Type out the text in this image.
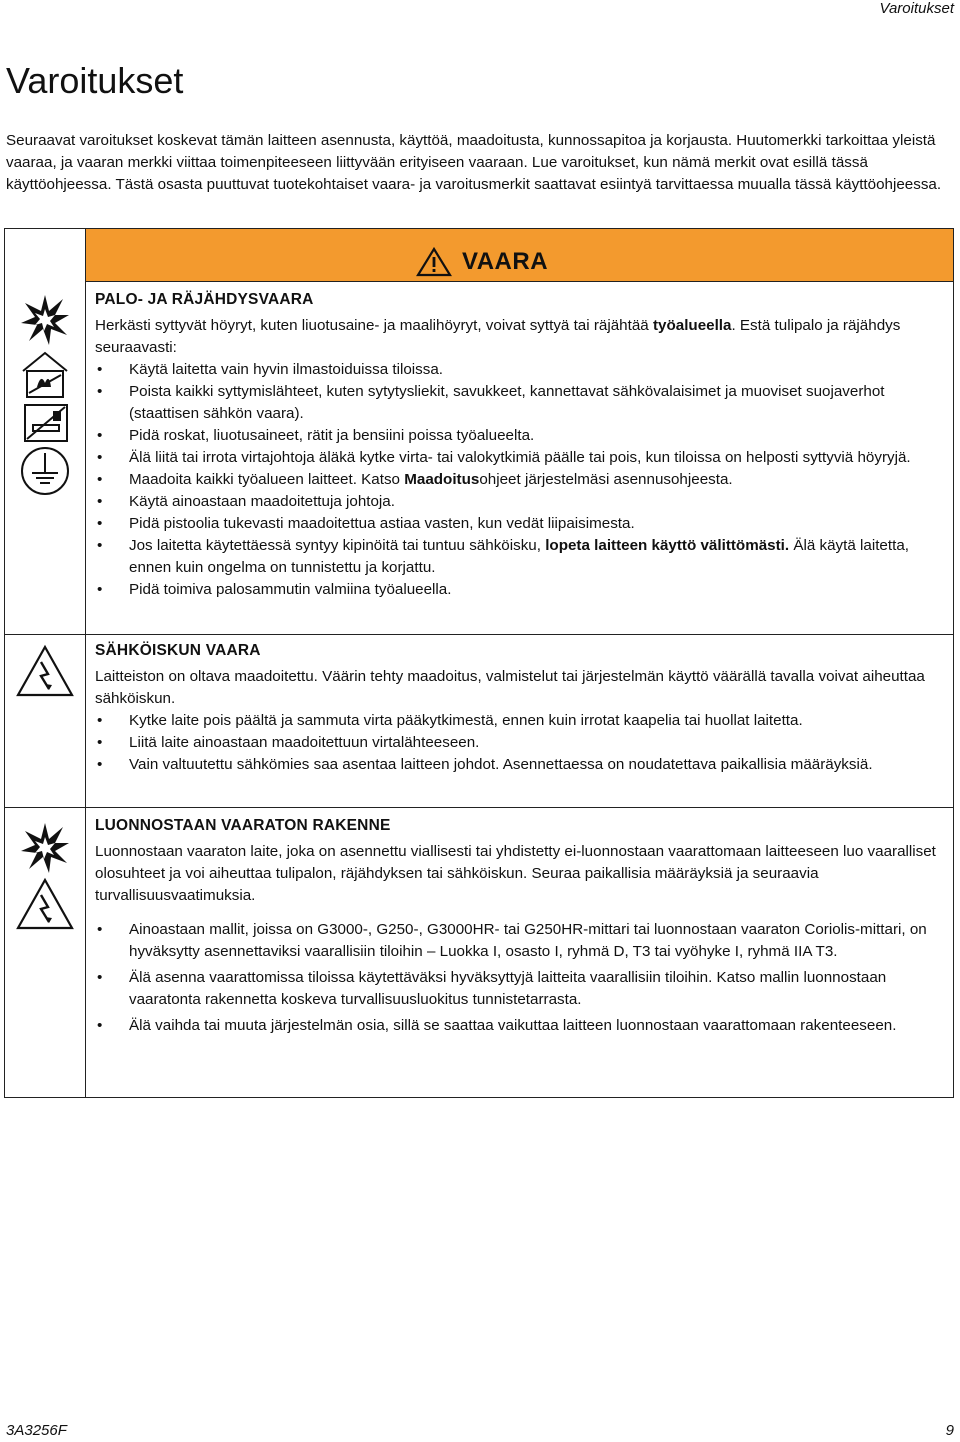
Varoitukset
Varoitukset

Seuraavat varoitukset koskevat tämän laitteen asennusta, käyttöä, maadoitusta, kunnossapitoa ja korjausta. Huutomerkki tarkoittaa yleistä vaaraa, ja vaaran merkki viittaa toimenpiteeseen liittyvään erityiseen vaaraan. Lue varoitukset, kun nämä merkit ovat esillä tässä käyttöohjeessa. Tästä osasta puuttuvat tuotekohtaiset vaara- ja varoitusmerkit saattavat esiintyä tarvittaessa muualla tässä käyttöohjeessa.

VAARA
PALO- JA RÄJÄHDYSVAARA

Herkästi syttyvät höyryt, kuten liuotusaine- ja maalihöyryt, voivat syttyä tai räjähtää työalueella. Estä tulipalo ja räjähdys seuraavasti:

• Käytä laitetta vain hyvin ilmastoiduissa tiloissa.
• Poista kaikki syttymislähteet, kuten sytytysliekit, savukkeet, kannettavat sähkövalaisimet ja muoviset suojaverhot (staattisen sähkön vaara).
• Pidä roskat, liuotusaineet, rätit ja bensiini poissa työalueelta.
• Älä liitä tai irrota virtajohtoja äläkä kytke virta- tai valokytkimiä päälle tai pois, kun tiloissa on helposti syttyviä höyryjä.
• Maadoita kaikki työalueen laitteet. Katso Maadoitusohjeet järjestelmäsi asennusohjeesta.
• Käytä ainoastaan maadoitettuja johtoja.
• Pidä pistoolia tukevasti maadoitettua astiaa vasten, kun vedät liipaisimesta.
• Jos laitetta käytettäessä syntyy kipinöitä tai tuntuu sähköisku, lopeta laitteen käyttö välittömästi. Älä käytä laitetta, ennen kuin ongelma on tunnistettu ja korjattu.
• Pidä toimiva palosammutin valmiina työalueella.
SÄHKÖISKUN VAARA

Laitteiston on oltava maadoitettu. Väärin tehty maadoitus, valmistelut tai järjestelmän käyttö väärällä tavalla voivat aiheuttaa sähköiskun.

• Kytke laite pois päältä ja sammuta virta pääkytkimestä, ennen kuin irrotat kaapelia tai huollat laitetta.
• Liitä laite ainoastaan maadoitettuun virtalähteeseen.
• Vain valtuutettu sähkömies saa asentaa laitteen johdot. Asennettaessa on noudatettava paikallisia määräyksiä.
LUONNOSTAAN VAARATON RAKENNE

Luonnostaan vaaraton laite, joka on asennettu viallisesti tai yhdistetty ei-luonnostaan vaarattomaan laitteeseen luo vaaralliset olosuhteet ja voi aiheuttaa tulipalon, räjähdyksen tai sähköiskun. Seuraa paikallisia määräyksiä ja seuraavia turvallisuusvaatimuksia.

• Ainoastaan mallit, joissa on G3000-, G250-, G3000HR- tai G250HR-mittari tai luonnostaan vaaraton Coriolis-mittari, on hyväksytty asennettaviksi vaarallisiin tiloihin – Luokka I, osasto I, ryhmä D, T3 tai vyöhyke I, ryhmä IIA T3.
• Älä asenna vaarattomissa tiloissa käytettäväksi hyväksyttyjä laitteita vaarallisiin tiloihin. Katso mallin luonnostaan vaaratonta rakennetta koskeva turvallisuusluokitus tunnistetarrasta.
• Älä vaihda tai muuta järjestelmän osia, sillä se saattaa vaikuttaa laitteen luonnostaan vaarattomaan rakenteeseen.
3A3256F	9
